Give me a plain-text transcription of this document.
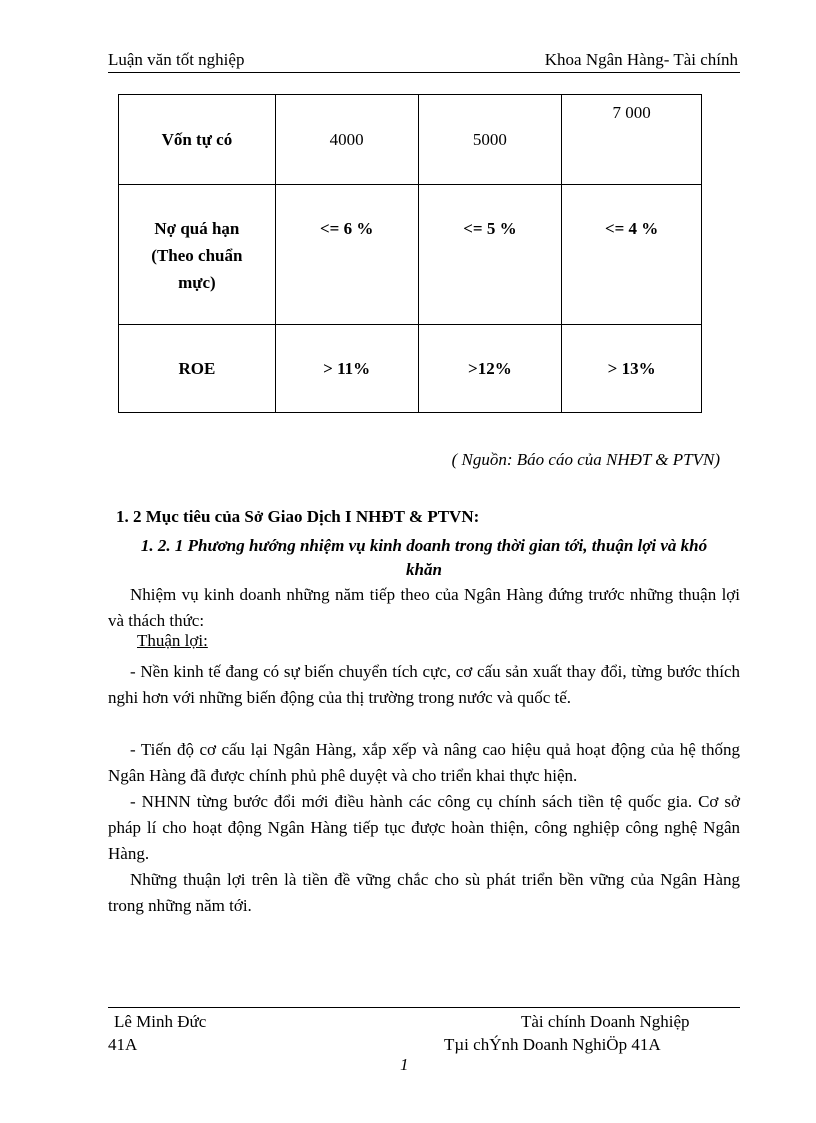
Luận văn tốt nghiệp	Khoa Ngân Hàng- Tài chính
Vốn tự có	4000	5000	7 000
Nợ quá hạn (Theo chuẩn mực)	<= 6 %	<= 5 %	<= 4 %
ROE	> 11%	>12%	> 13%
( Nguồn: Báo cáo của NHĐT & PTVN)
1. 2 Mục tiêu của Sở Giao Dịch I NHĐT & PTVN:
1. 2. 1 Phương hướng nhiệm vụ kinh doanh trong thời gian tới, thuận lợi và khó khăn
Nhiệm vụ kinh doanh những năm tiếp theo của Ngân Hàng đứng trước những thuận lợi và thách thức:
Thuận lợi:
- Nền kinh tế đang có sự biến chuyển tích cực, cơ cấu sản xuất thay đổi, từng bước thích nghi hơn với những biến động của thị trường trong nước và quốc tế.
- Tiến độ cơ cấu lại Ngân Hàng, xắp xếp và nâng cao hiệu quả hoạt động của hệ thống Ngân Hàng đã được chính phủ phê duyệt và cho triển khai thực hiện.
- NHNN từng bước đổi mới điều hành các công cụ chính sách tiền tệ quốc gia. Cơ sở pháp lí cho hoạt động Ngân Hàng tiếp tục được hoàn thiện, công nghiệp công nghệ Ngân Hàng.
Những thuận lợi trên là tiền đề vững chắc cho sù phát triển bền vững của Ngân Hàng trong những năm tới.
Lê Minh Đức
41A
Tài chính Doanh Nghiệp
Tµi chÝnh Doanh NghiÖp 41A
1
